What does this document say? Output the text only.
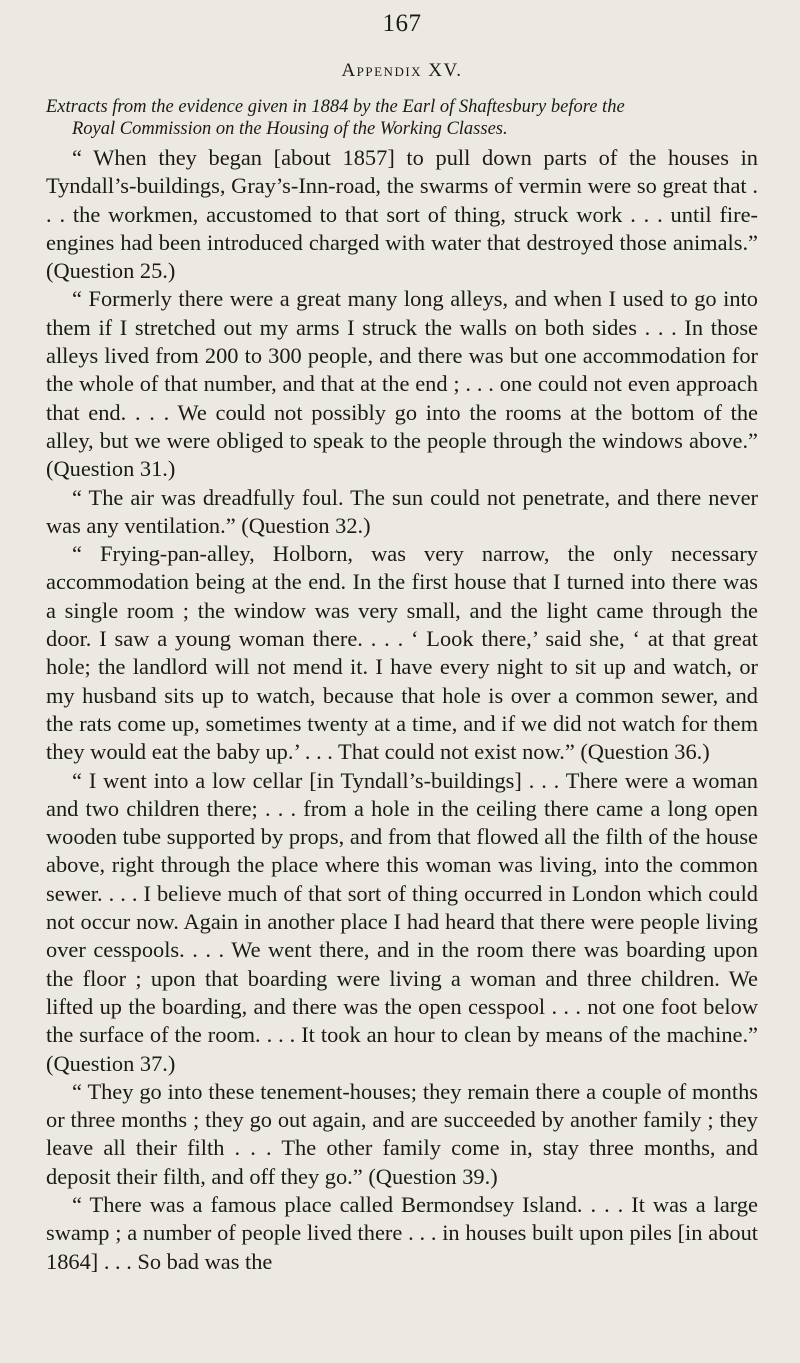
167
Appendix XV.
Extracts from the evidence given in 1884 by the Earl of Shaftesbury before the
Royal Commission on the Housing of the Working Classes.

“ When they began [about 1857] to pull down parts of the houses in Tyndall’s-buildings, Gray’s-Inn-road, the swarms of vermin were so great that . . . the workmen, accustomed to that sort of thing, struck work . . . until fire-engines had been introduced charged with water that destroyed those animals.” (Question 25.)

“ Formerly there were a great many long alleys, and when I used to go into them if I stretched out my arms I struck the walls on both sides . . . In those alleys lived from 200 to 300 people, and there was but one accommodation for the whole of that number, and that at the end ; . . . one could not even approach that end. . . . We could not possibly go into the rooms at the bottom of the alley, but we were obliged to speak to the people through the windows above.” (Question 31.)

“ The air was dreadfully foul. The sun could not penetrate, and there never was any ventilation.” (Question 32.)

“ Frying-pan-alley, Holborn, was very narrow, the only necessary accommodation being at the end. In the first house that I turned into there was a single room ; the window was very small, and the light came through the door. I saw a young woman there. . . . ‘ Look there,’ said she, ‘ at that great hole; the landlord will not mend it. I have every night to sit up and watch, or my husband sits up to watch, because that hole is over a common sewer, and the rats come up, sometimes twenty at a time, and if we did not watch for them they would eat the baby up.’ . . . That could not exist now.” (Question 36.)

“ I went into a low cellar [in Tyndall’s-buildings] . . . There were a woman and two children there; . . . from a hole in the ceiling there came a long open wooden tube supported by props, and from that flowed all the filth of the house above, right through the place where this woman was living, into the common sewer. . . . I believe much of that sort of thing occurred in London which could not occur now. Again in another place I had heard that there were people living over cesspools. . . . We went there, and in the room there was boarding upon the floor ; upon that boarding were living a woman and three children. We lifted up the boarding, and there was the open cesspool . . . not one foot below the surface of the room. . . . It took an hour to clean by means of the machine.” (Question 37.)

“ They go into these tenement-houses; they remain there a couple of months or three months ; they go out again, and are succeeded by another family ; they leave all their filth . . . The other family come in, stay three months, and deposit their filth, and off they go.” (Question 39.)

“ There was a famous place called Bermondsey Island. . . . It was a large swamp ; a number of people lived there . . . in houses built upon piles [in about 1864] . . . So bad was the
